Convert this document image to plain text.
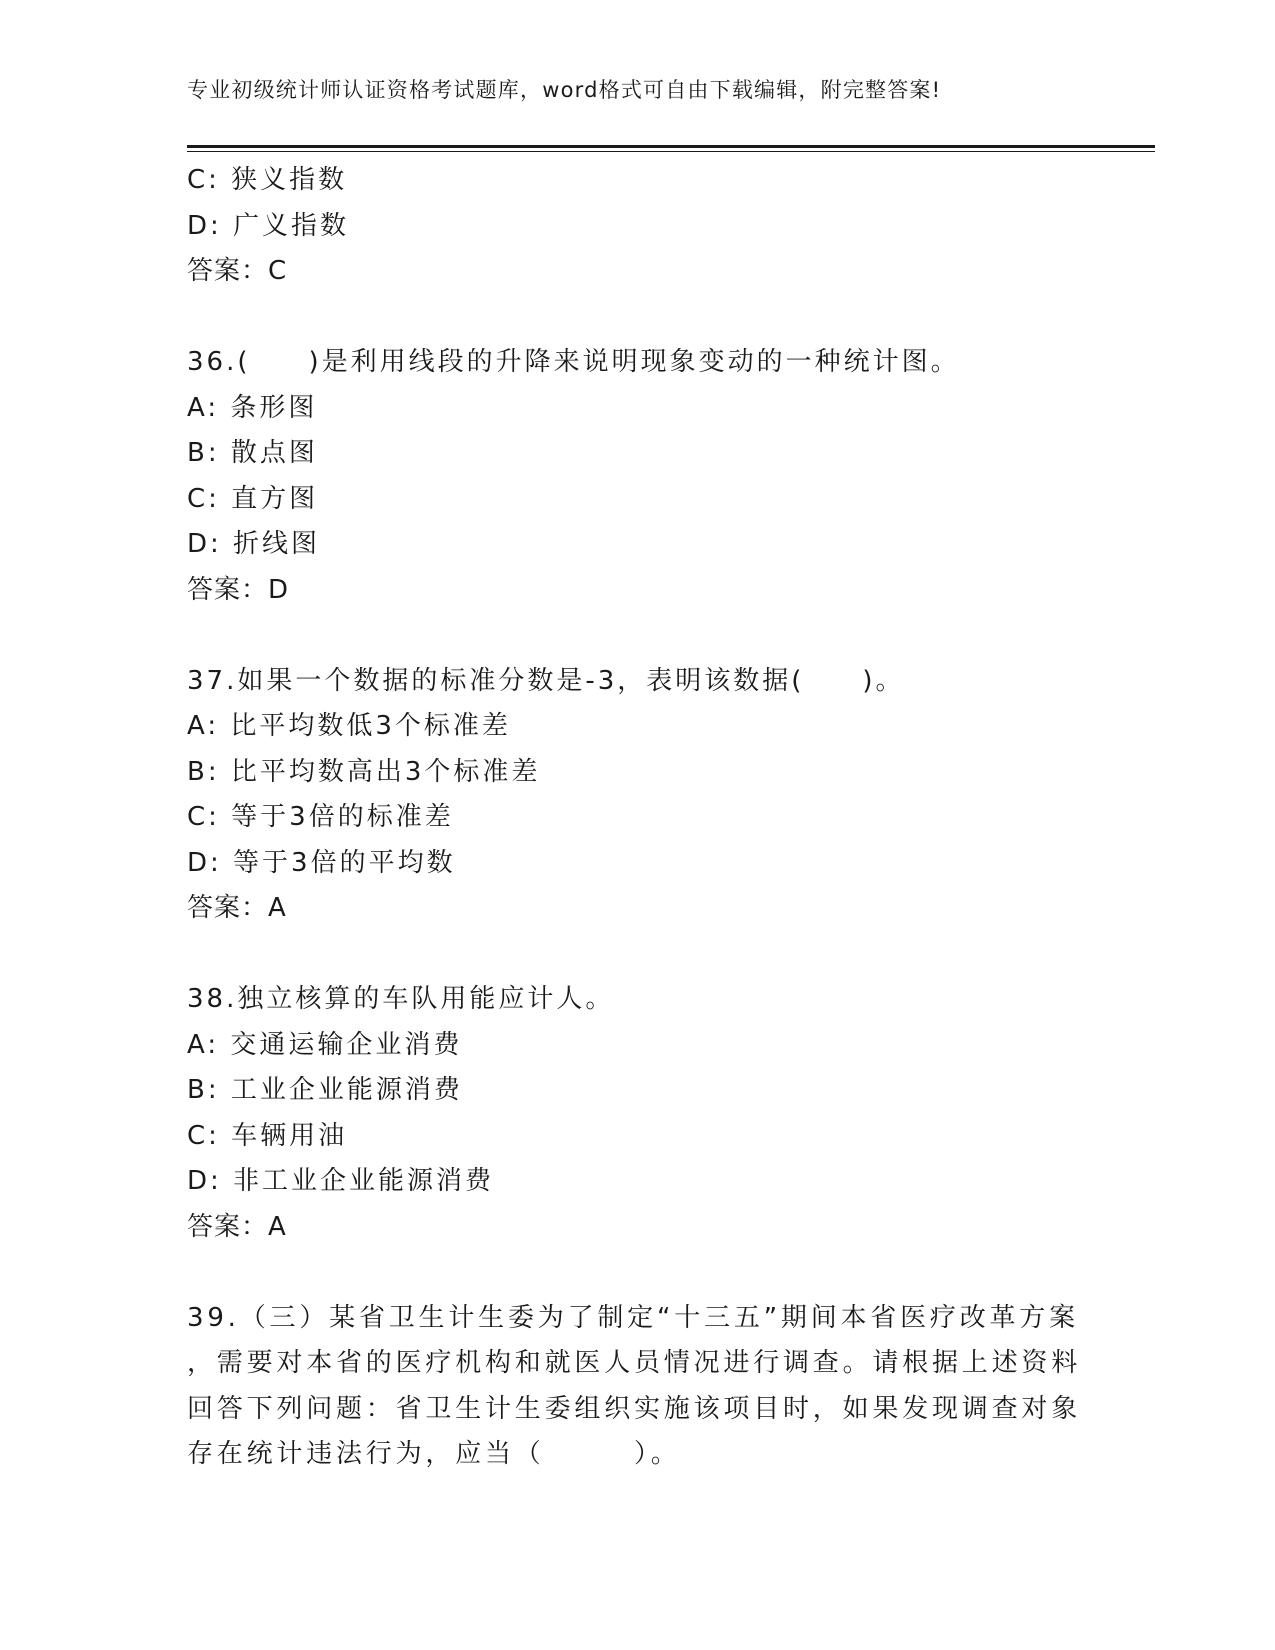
专业初级统计师认证资格考试题库，word格式可自由下载编辑，附完整答案!
C: 狭义指数
D: 广义指数
答案：C
36.(　　)是利用线段的升降来说明现象变动的一种统计图。
A: 条形图
B: 散点图
C: 直方图
D: 折线图
答案：D
37.如果一个数据的标准分数是-3，表明该数据(　　)。
A: 比平均数低3个标准差
B: 比平均数高出3个标准差
C: 等于3倍的标准差
D: 等于3倍的平均数
答案：A
38.独立核算的车队用能应计人。
A: 交通运输企业消费
B: 工业企业能源消费
C: 车辆用油
D: 非工业企业能源消费
答案：A
39.（三）某省卫生计生委为了制定“十三五”期间本省医疗改革方案
，需要对本省的医疗机构和就医人员情况进行调查。请根据上述资料
回答下列问题：省卫生计生委组织实施该项目时，如果发现调查对象
存在统计违法行为，应当（　　　）。
